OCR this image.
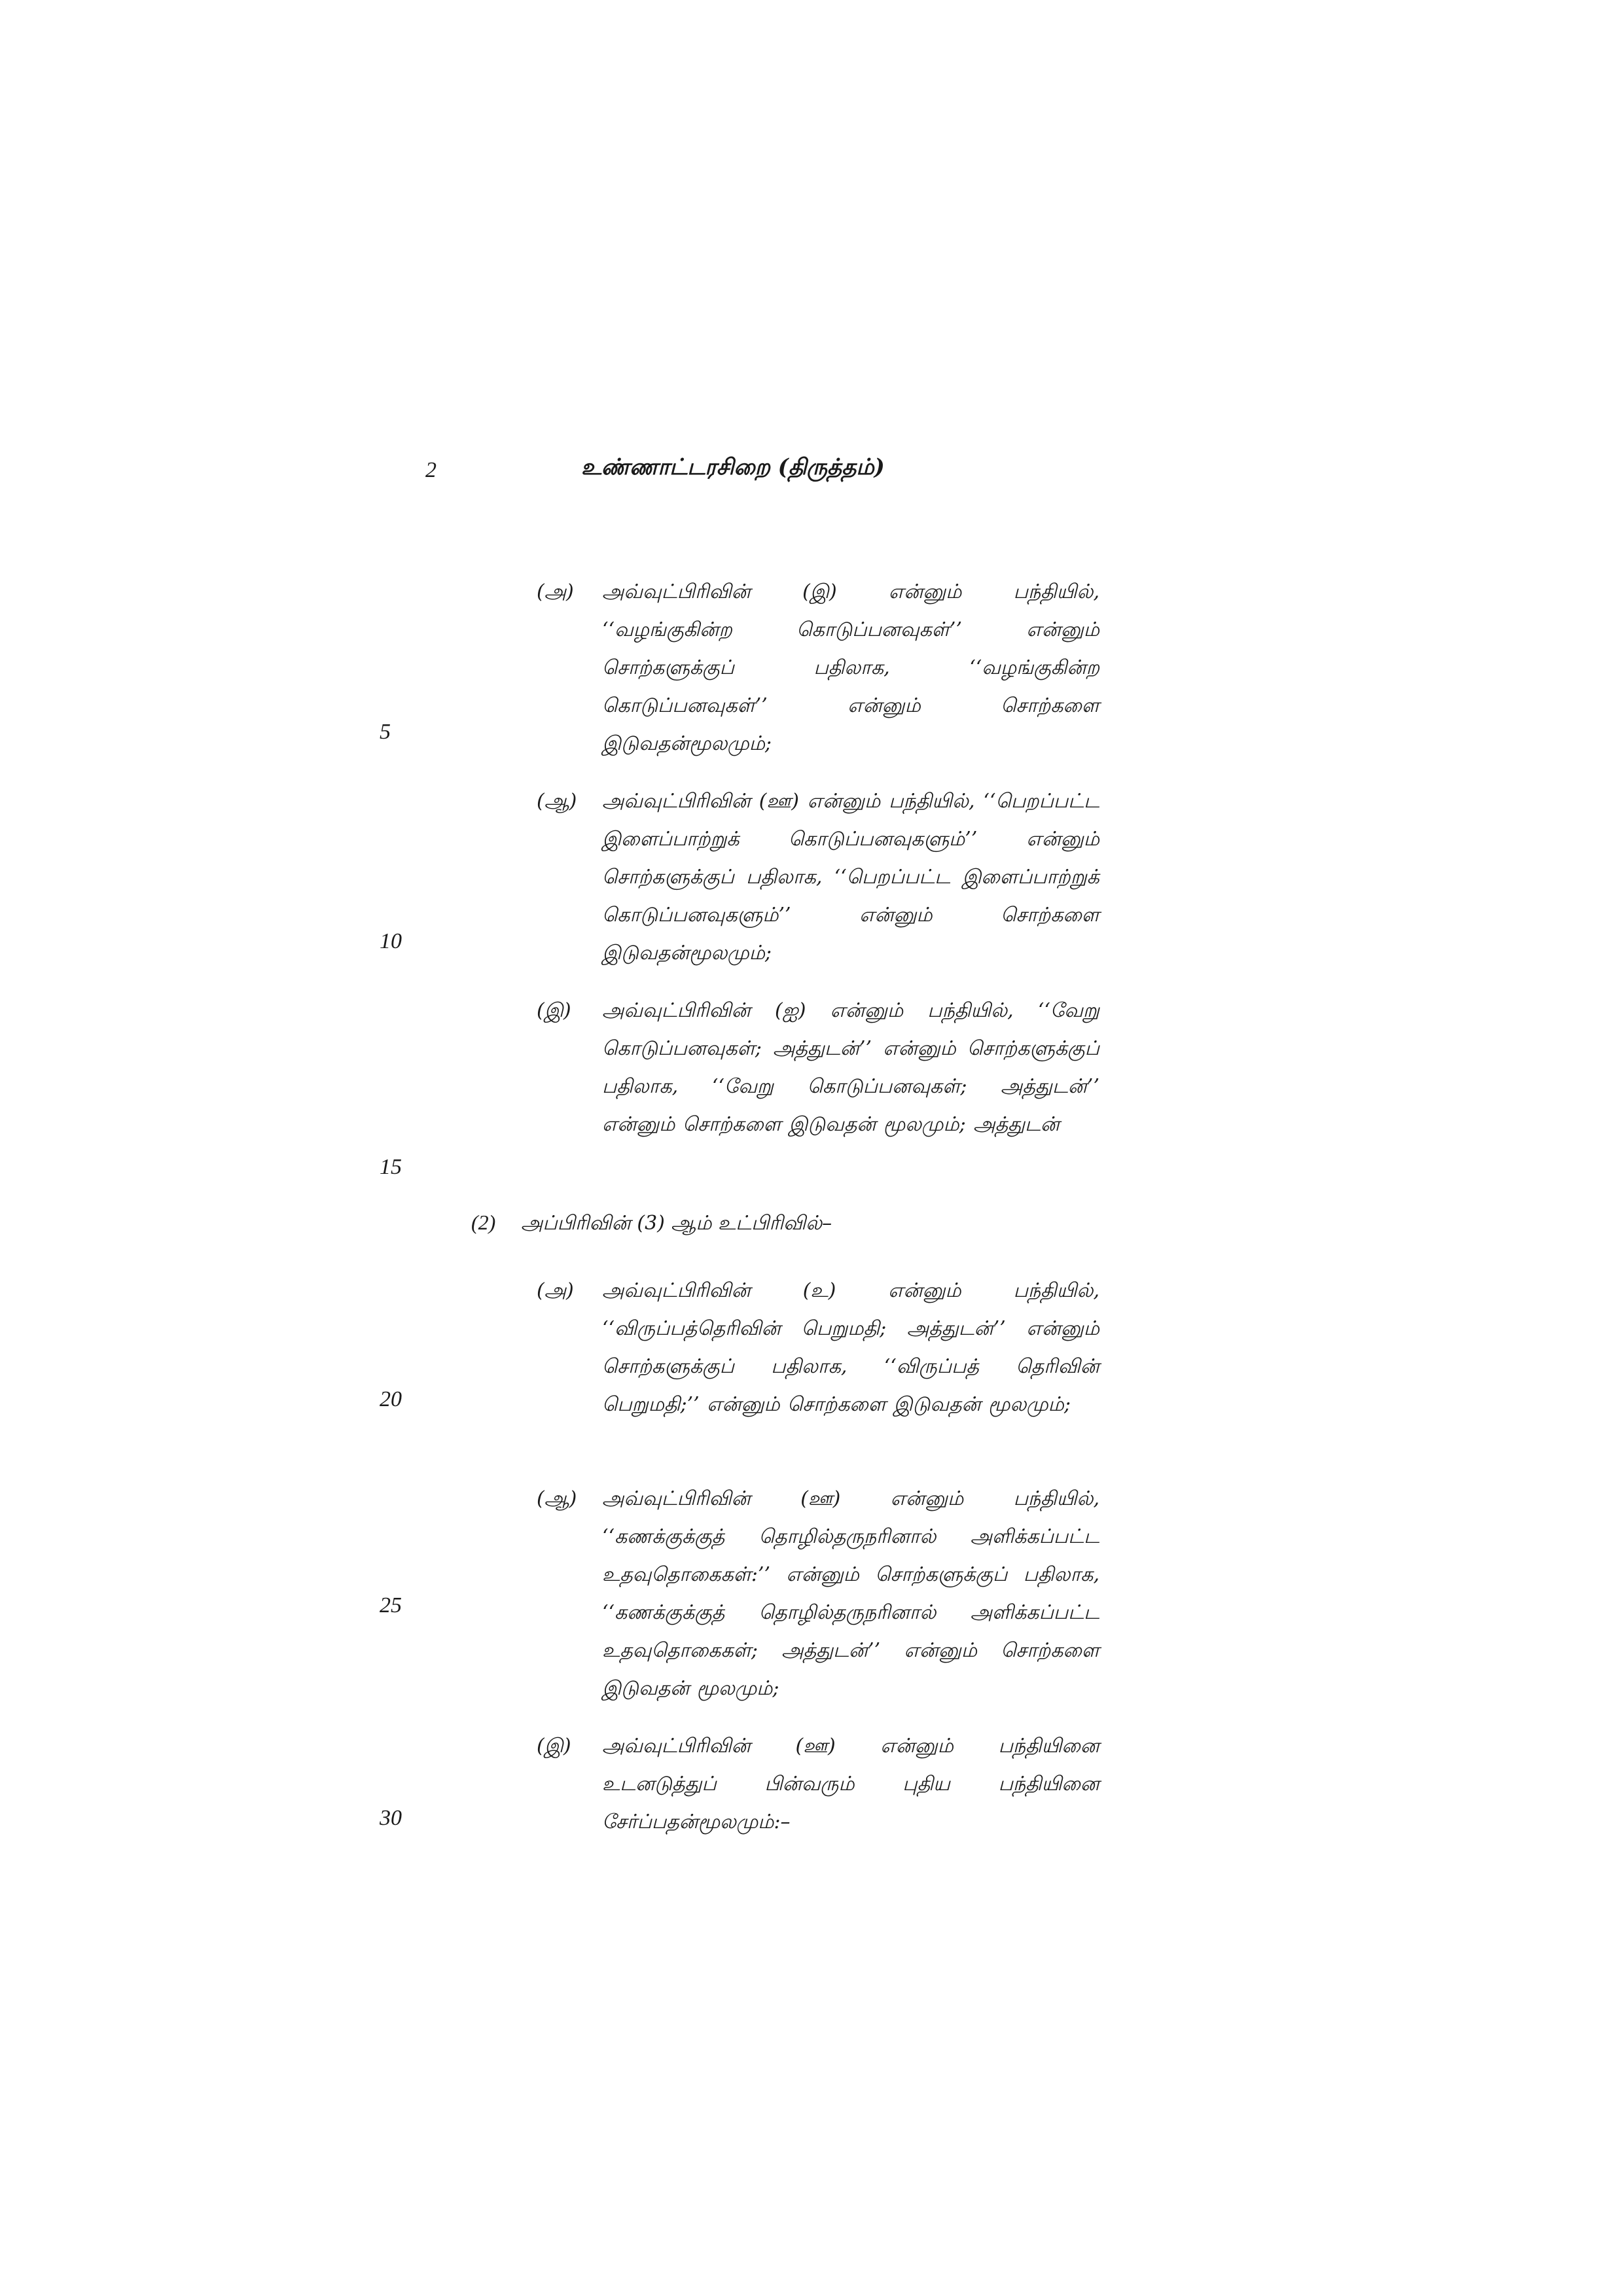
2	உண்ணாட்டரசிறை (திருத்தம்)
5
10
15
20
25
30
(அ)	அவ்வுட்பிரிவின் (இ) என்னும் பந்தியில், ‘‘வழங்குகின்ற கொடுப்பனவுகள்’’ என்னும் சொற்களுக்குப் பதிலாக, ‘‘வழங்குகின்ற கொடுப்பனவுகள்’’ என்னும் சொற்களை இடுவதன்மூலமும்;
(ஆ)	அவ்வுட்பிரிவின் (ஊ) என்னும் பந்தியில், ‘‘பெறப்பட்ட இளைப்பாற்றுக் கொடுப்பனவுகளும்’’ என்னும் சொற்களுக்குப் பதிலாக, ‘‘பெறப்பட்ட இளைப்பாற்றுக் கொடுப்பனவுகளும்’’ என்னும் சொற்களை இடுவதன்மூலமும்;
(இ)	அவ்வுட்பிரிவின் (ஐ) என்னும் பந்தியில், ‘‘வேறு கொடுப்பனவுகள்; அத்துடன்’’ என்னும் சொற்களுக்குப் பதிலாக, ‘‘வேறு கொடுப்பனவுகள்; அத்துடன்’’ என்னும் சொற்களை இடுவதன் மூலமும்; அத்துடன்
(2) அப்பிரிவின் (3) ஆம் உட்பிரிவில்–
(அ)	அவ்வுட்பிரிவின் (உ) என்னும் பந்தியில், ‘‘விருப்பத்தெரிவின் பெறுமதி; அத்துடன்’’ என்னும் சொற்களுக்குப் பதிலாக, ‘‘விருப்பத் தெரிவின் பெறுமதி;’’ என்னும் சொற்களை இடுவதன் மூலமும்;
(ஆ)	அவ்வுட்பிரிவின் (ஊ) என்னும் பந்தியில், ‘‘கணக்குக்குத் தொழில்தருநரினால் அளிக்கப்பட்ட உதவுதொகைகள்:’’ என்னும் சொற்களுக்குப் பதிலாக, ‘‘கணக்குக்குத் தொழில்தருநரினால் அளிக்கப்பட்ட உதவுதொகைகள்; அத்துடன்’’ என்னும் சொற்களை இடுவதன் மூலமும்;
(இ)	அவ்வுட்பிரிவின் (ஊ) என்னும் பந்தியினை உடனடுத்துப் பின்வரும் புதிய பந்தியினை சேர்ப்பதன்மூலமும்:–
